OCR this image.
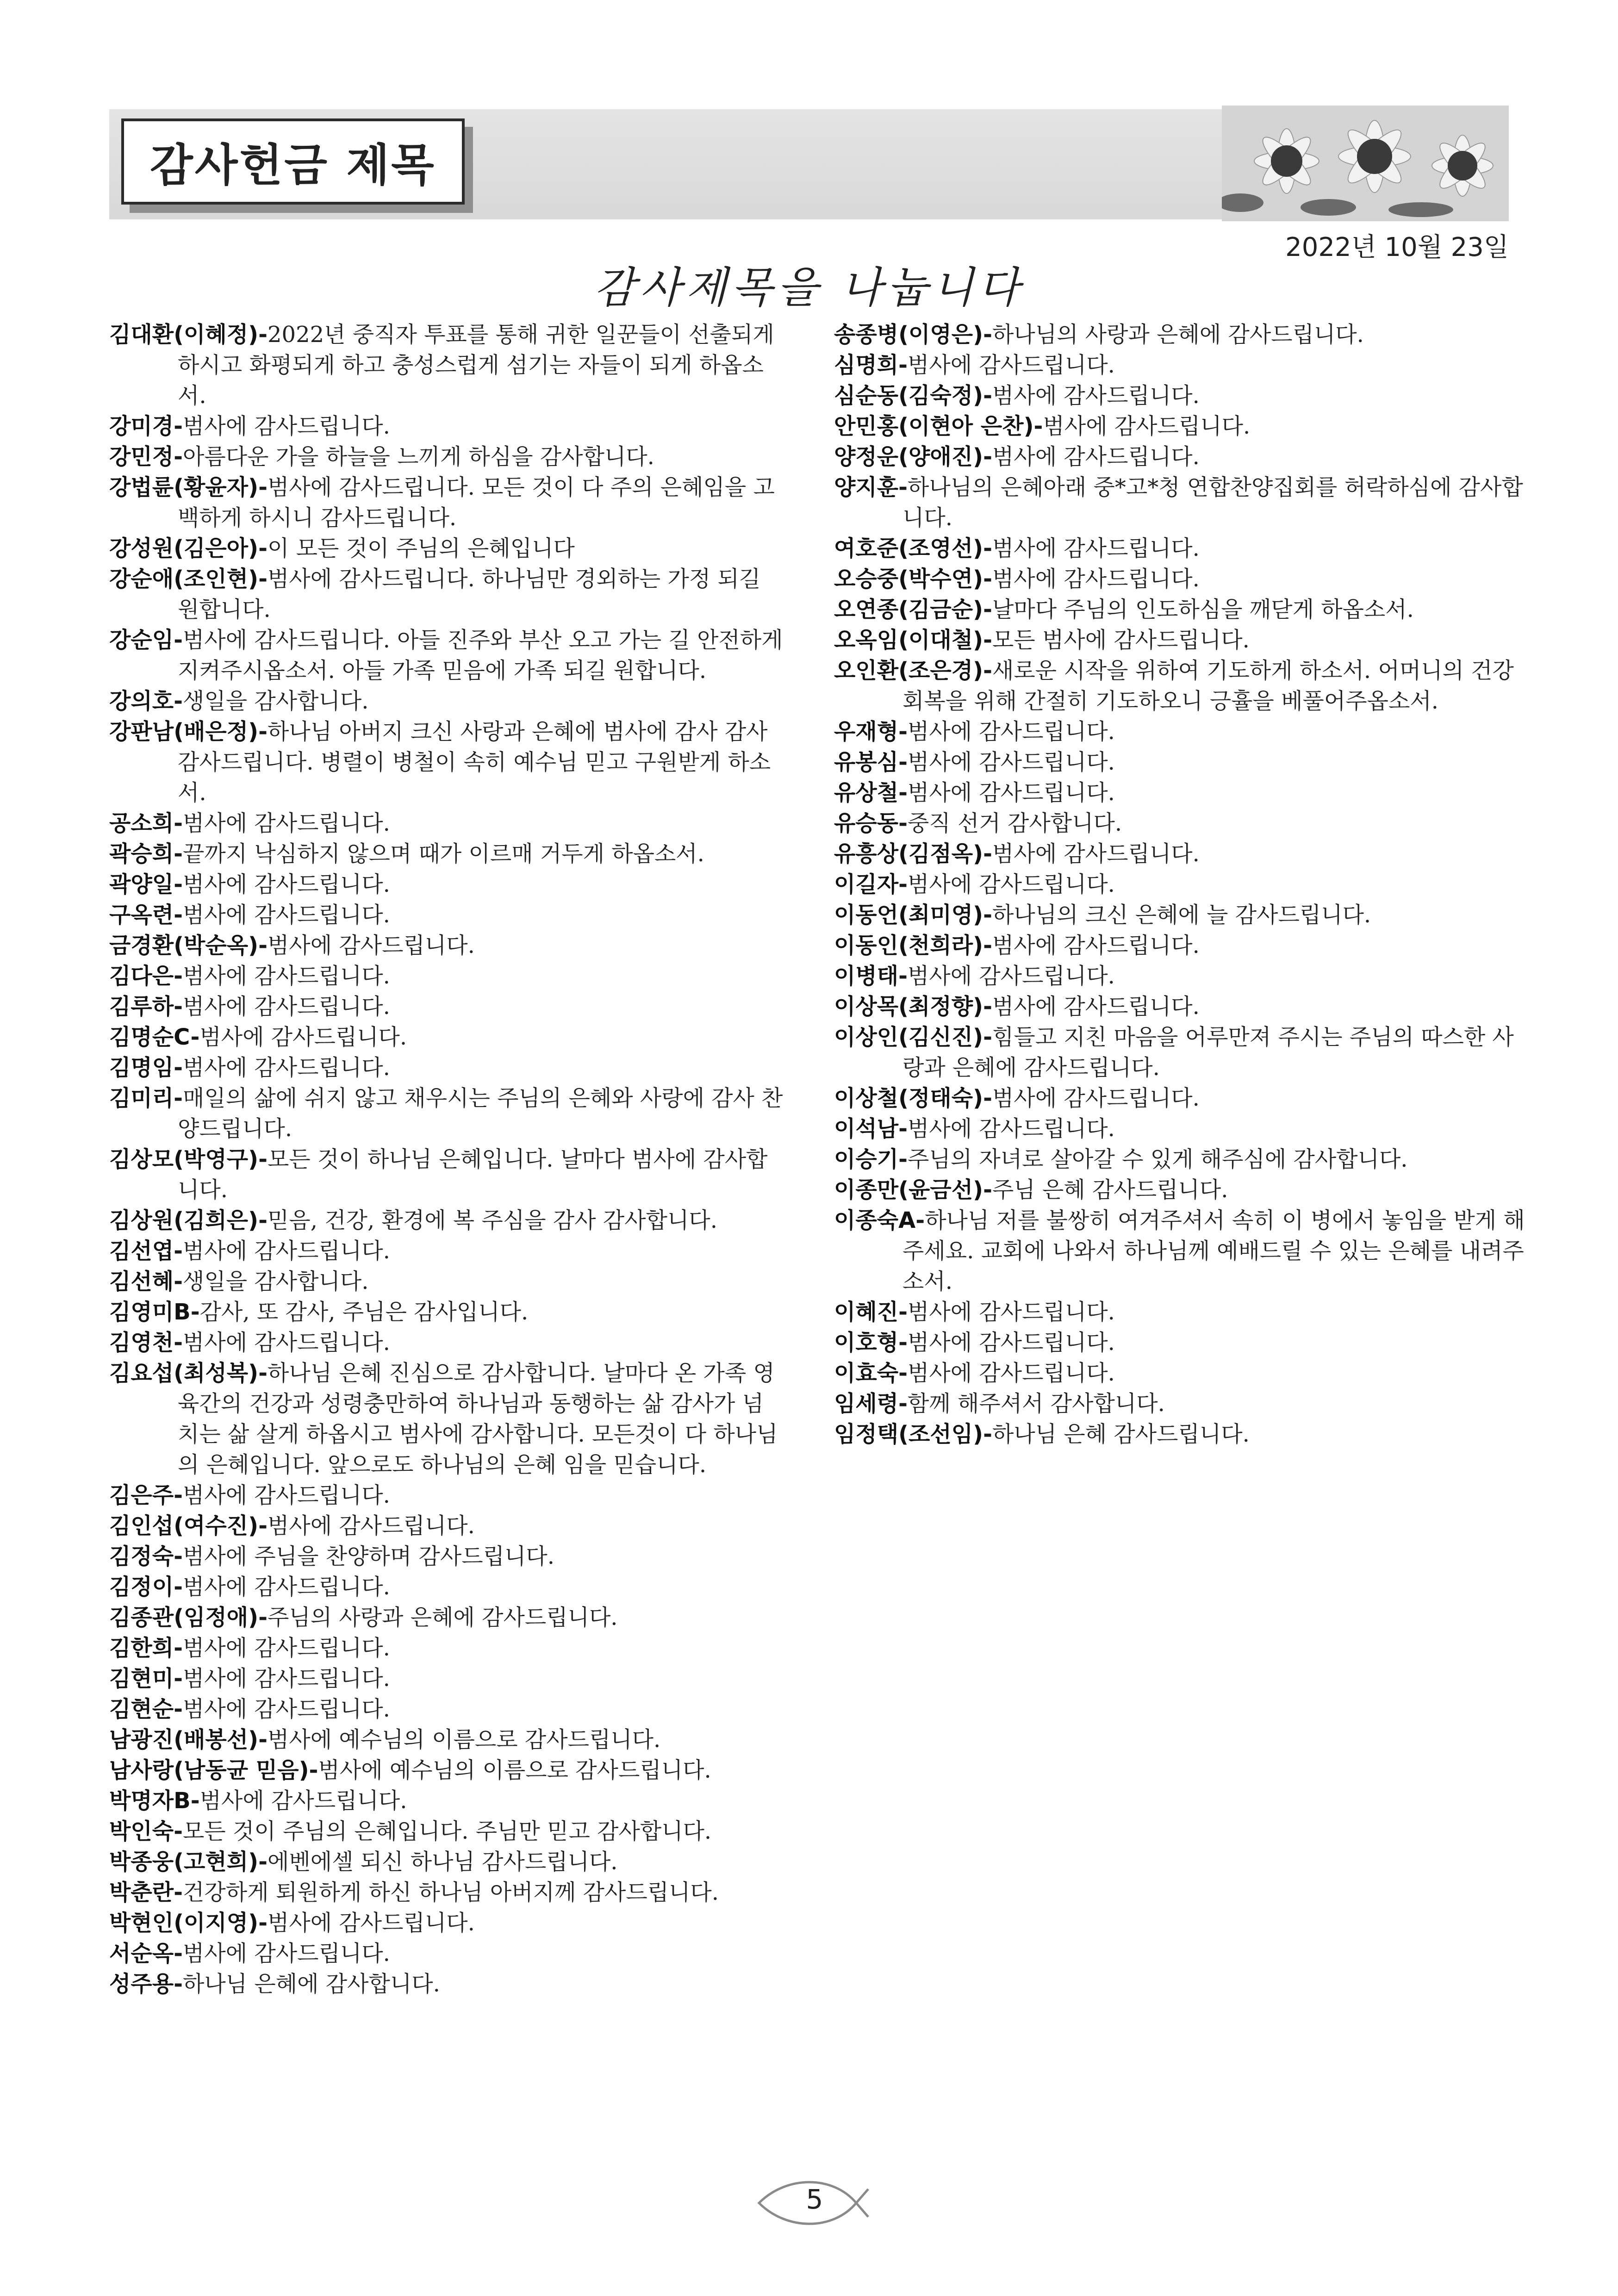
감사헌금 제목
2022년 10월 23일
감사제목을 나눕니다

김대환(이혜정)-2022년 중직자 투표를 통해 귀한 일꾼들이 선출되게 하시고 화평되게 하고 충성스럽게 섬기는 자들이 되게 하옵소서.

강미경-범사에 감사드립니다.

강민정-아름다운 가을 하늘을 느끼게 하심을 감사합니다.

강법륜(황윤자)-범사에 감사드립니다. 모든 것이 다 주의 은혜임을 고백하게 하시니 감사드립니다.

강성원(김은아)-이 모든 것이 주님의 은혜입니다

강순애(조인현)-범사에 감사드립니다. 하나님만 경외하는 가정 되길 원합니다.

강순임-범사에 감사드립니다. 아들 진주와 부산 오고 가는 길 안전하게 지켜주시옵소서. 아들 가족 믿음에 가족 되길 원합니다.

강의호-생일을 감사합니다.

강판남(배은정)-하나님 아버지 크신 사랑과 은혜에 범사에 감사 감사 감사드립니다. 병렬이 병철이 속히 예수님 믿고 구원받게 하소서.

공소희-범사에 감사드립니다.

곽승희-끝까지 낙심하지 않으며 때가 이르매 거두게 하옵소서.

곽양일-범사에 감사드립니다.

구옥련-범사에 감사드립니다.

금경환(박순옥)-범사에 감사드립니다.

김다은-범사에 감사드립니다.

김루하-범사에 감사드립니다.

김명순C-범사에 감사드립니다.

김명임-범사에 감사드립니다.

김미리-매일의 삶에 쉬지 않고 채우시는 주님의 은혜와 사랑에 감사 찬양드립니다.

김상모(박영구)-모든 것이 하나님 은혜입니다. 날마다 범사에 감사합니다.

김상원(김희은)-믿음, 건강, 환경에 복 주심을 감사 감사합니다.

김선엽-범사에 감사드립니다.

김선혜-생일을 감사합니다.

김영미B-감사, 또 감사, 주님은 감사입니다.

김영천-범사에 감사드립니다.

김요섭(최성복)-하나님 은혜 진심으로 감사합니다. 날마다 온 가족 영육간의 건강과 성령충만하여 하나님과 동행하는 삶 감사가 넘치는 삶 살게 하옵시고 범사에 감사합니다. 모든것이 다 하나님의 은혜입니다. 앞으로도 하나님의 은혜 임을 믿습니다.

김은주-범사에 감사드립니다.

김인섭(여수진)-범사에 감사드립니다.

김정숙-범사에 주님을 찬양하며 감사드립니다.

김정이-범사에 감사드립니다.

김종관(임정애)-주님의 사랑과 은혜에 감사드립니다.

김한희-범사에 감사드립니다.

김현미-범사에 감사드립니다.

김현순-범사에 감사드립니다.

남광진(배봉선)-범사에 예수님의 이름으로 감사드립니다.

남사랑(남동균 믿음)-범사에 예수님의 이름으로 감사드립니다.

박명자B-범사에 감사드립니다.

박인숙-모든 것이 주님의 은혜입니다. 주님만 믿고 감사합니다.

박종웅(고현희)-에벤에셀 되신 하나님 감사드립니다.

박춘란-건강하게 퇴원하게 하신 하나님 아버지께 감사드립니다.

박현인(이지영)-범사에 감사드립니다.

서순옥-범사에 감사드립니다.

성주용-하나님 은혜에 감사합니다.

송종병(이영은)-하나님의 사랑과 은혜에 감사드립니다.

심명희-범사에 감사드립니다.

심순동(김숙정)-범사에 감사드립니다.

안민홍(이현아 은찬)-범사에 감사드립니다.

양정운(양애진)-범사에 감사드립니다.

양지훈-하나님의 은혜아래 중*고*청 연합찬양집회를 허락하심에 감사합니다.

여호준(조영선)-범사에 감사드립니다.

오승중(박수연)-범사에 감사드립니다.

오연종(김금순)-날마다 주님의 인도하심을 깨닫게 하옵소서.

오옥임(이대철)-모든 범사에 감사드립니다.

오인환(조은경)-새로운 시작을 위하여 기도하게 하소서. 어머니의 건강 회복을 위해 간절히 기도하오니 긍휼을 베풀어주옵소서.

우재형-범사에 감사드립니다.

유봉심-범사에 감사드립니다.

유상철-범사에 감사드립니다.

유승동-중직 선거 감사합니다.

유흥상(김점옥)-범사에 감사드립니다.

이길자-범사에 감사드립니다.

이동언(최미영)-하나님의 크신 은혜에 늘 감사드립니다.

이동인(천희라)-범사에 감사드립니다.

이병태-범사에 감사드립니다.

이상목(최정향)-범사에 감사드립니다.

이상인(김신진)-힘들고 지친 마음을 어루만져 주시는 주님의 따스한 사랑과 은혜에 감사드립니다.

이상철(정태숙)-범사에 감사드립니다.

이석남-범사에 감사드립니다.

이승기-주님의 자녀로 살아갈 수 있게 해주심에 감사합니다.

이종만(윤금선)-주님 은혜 감사드립니다.

이종숙A-하나님 저를 불쌍히 여겨주셔서 속히 이 병에서 놓임을 받게 해 주세요. 교회에 나와서 하나님께 예배드릴 수 있는 은혜를 내려주소서.

이혜진-범사에 감사드립니다.

이호형-범사에 감사드립니다.

이효숙-범사에 감사드립니다.

임세령-함께 해주셔서 감사합니다.

임정택(조선임)-하나님 은혜 감사드립니다.

5
